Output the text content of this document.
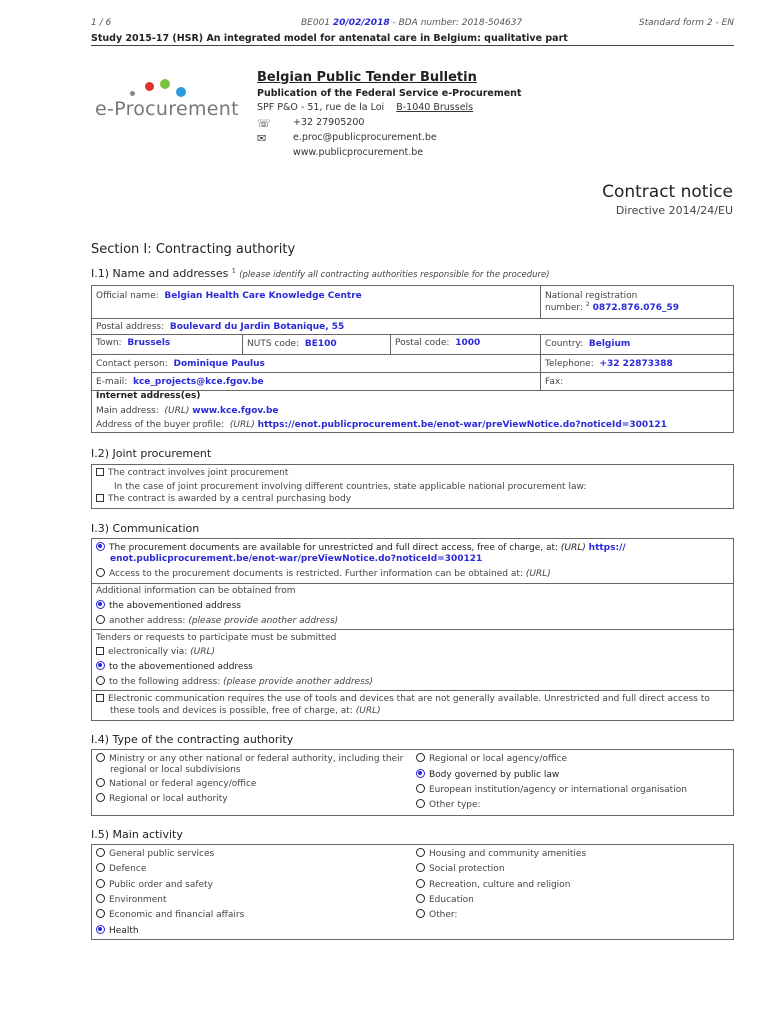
1 / 6	BE001 20/02/2018 - BDA number: 2018-504637	Standard form 2 - EN
Study 2015-17 (HSR) An integrated model for antenatal care in Belgium: qualitative part
e-Procurement
Belgian Public Tender Bulletin
Publication of the Federal Service e-Procurement
SPF P&O - 51, rue de la Loi B-1040 Brussels
☏ +32 27905200
✉	e.proc@publicprocurement.be
www.publicprocurement.be
Contract notice
Directive 2014/24/EU
Section I: Contracting authority
I.1) Name and addresses $^1$ (please identify all contracting authorities responsible for the procedure)
Official name: Belgian Health Care Knowledge Centre	National registration
number: $^2$ 0872.876.076_59
Postal address: Boulevard du Jardin Botanique, 55
Town: Brussels	NUTS code: BE100	Postal code: 1000	Country: Belgium
Contact person: Dominique Paulus	Telephone: +32 22873388
E-mail: kce_projects@kce.fgov.be	Fax:
Internet address(es)
Main address: (URL) www.kce.fgov.be
Address of the buyer profile: (URL) https://enot.publicprocurement.be/enot-war/preViewNotice.do?noticeId=300121
I.2) Joint procurement
The contract involves joint procurement
In the case of joint procurement involving different countries, state applicable national procurement law:
The contract is awarded by a central purchasing body
I.3) Communication
The procurement documents are available for unrestricted and full direct access, free of charge, at: (URL) https://
enot.publicprocurement.be/enot-war/preViewNotice.do?noticeId=300121
Access to the procurement documents is restricted. Further information can be obtained at: (URL)
Additional information can be obtained from
the abovementioned address
another address: (please provide another address)
Tenders or requests to participate must be submitted
electronically via: (URL)
to the abovementioned address
to the following address: (please provide another address)
Electronic communication requires the use of tools and devices that are not generally available. Unrestricted and full direct access to
these tools and devices is possible, free of charge, at: (URL)
I.4) Type of the contracting authority
Ministry or any other national or federal authority, including their
regional or local subdivisions
National or federal agency/office
Regional or local authority
Regional or local agency/office
Body governed by public law
European institution/agency or international organisation
Other type:
I.5) Main activity
General public services
Defence
Public order and safety
Environment
Economic and financial affairs
Health
Housing and community amenities
Social protection
Recreation, culture and religion
Education
Other:
